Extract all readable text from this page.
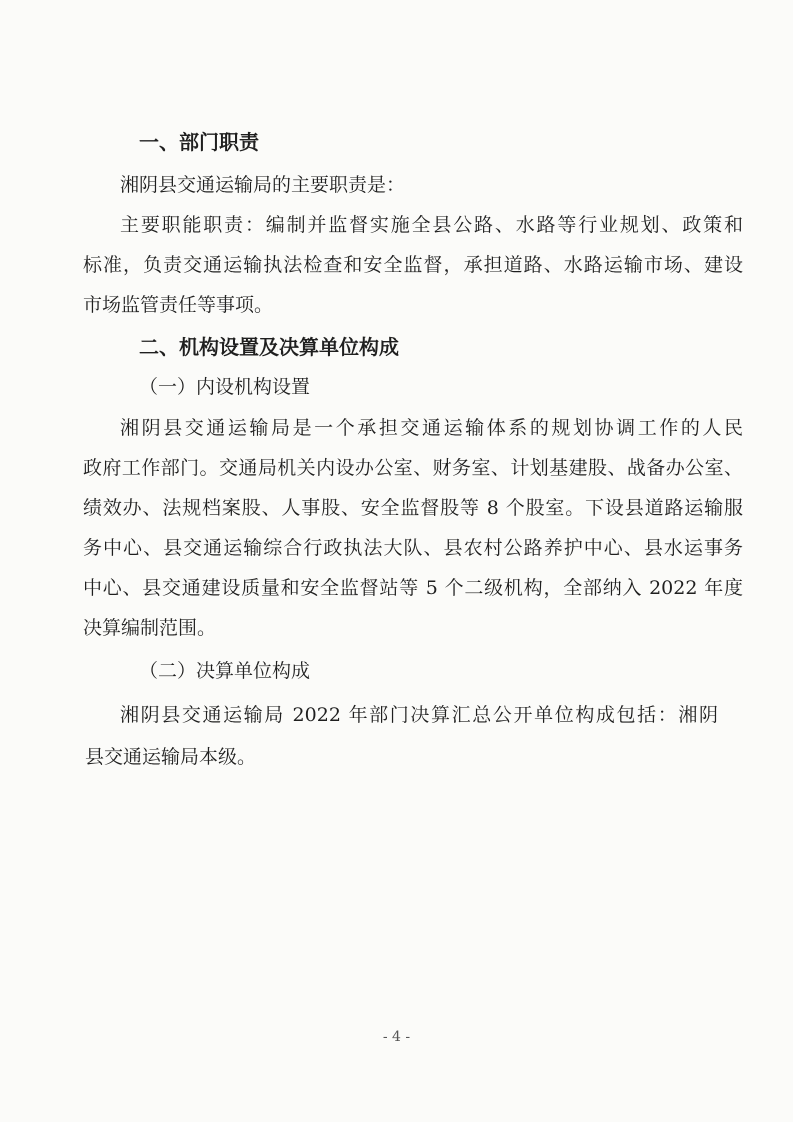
一、部门职责
湘阴县交通运输局的主要职责是：
主要职能职责：编制并监督实施全县公路、水路等行业规划、政策和
标准，负责交通运输执法检查和安全监督，承担道路、水路运输市场、建设
市场监管责任等事项。
二、机构设置及决算单位构成
（一）内设机构设置
湘阴县交通运输局是一个承担交通运输体系的规划协调工作的人民
政府工作部门。交通局机关内设办公室、财务室、计划基建股、战备办公室、
绩效办、法规档案股、人事股、安全监督股等 8 个股室。下设县道路运输服
务中心、县交通运输综合行政执法大队、县农村公路养护中心、县水运事务
中心、县交通建设质量和安全监督站等 5 个二级机构，全部纳入 2022 年度
决算编制范围。
（二）决算单位构成
湘阴县交通运输局 2022 年部门决算汇总公开单位构成包括：湘阴
县交通运输局本级。
- 4 -
